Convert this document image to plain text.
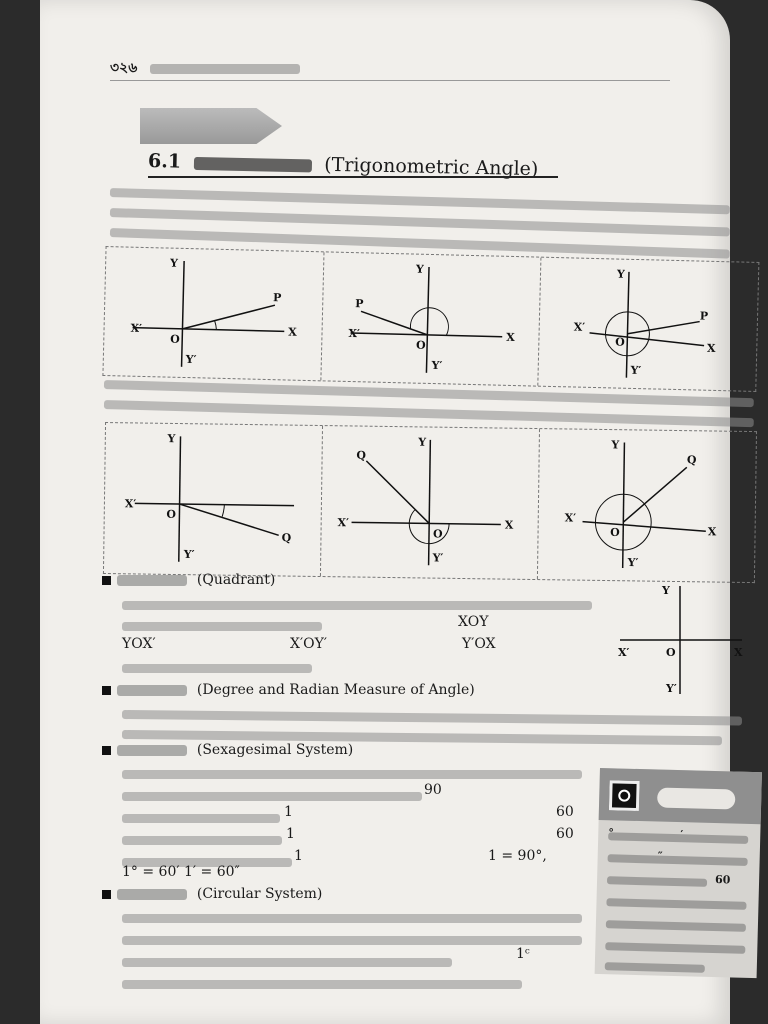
৩২৬
6.1	(Trigonometric Angle)
Y
P
X′	X
O
Y′
Y
P
X′	X
O
Y′
Y
P
X′
X
O
Y′
Y
X′
O
Q
Y′
Y
Q
X′	X
O
Y′
Y
Q
X′
X
O
Y′
(Quadrant)
XOY
YOX′	X′OY′	Y′OX
Y
X′	O	X
Y′
(Degree and Radian Measure of Angle)
(Sexagesimal System)
90
1	60
1	60
1	1 = 90°,
1° = 60′ 1′ = 60″
(Circular System)
1ᶜ
60
